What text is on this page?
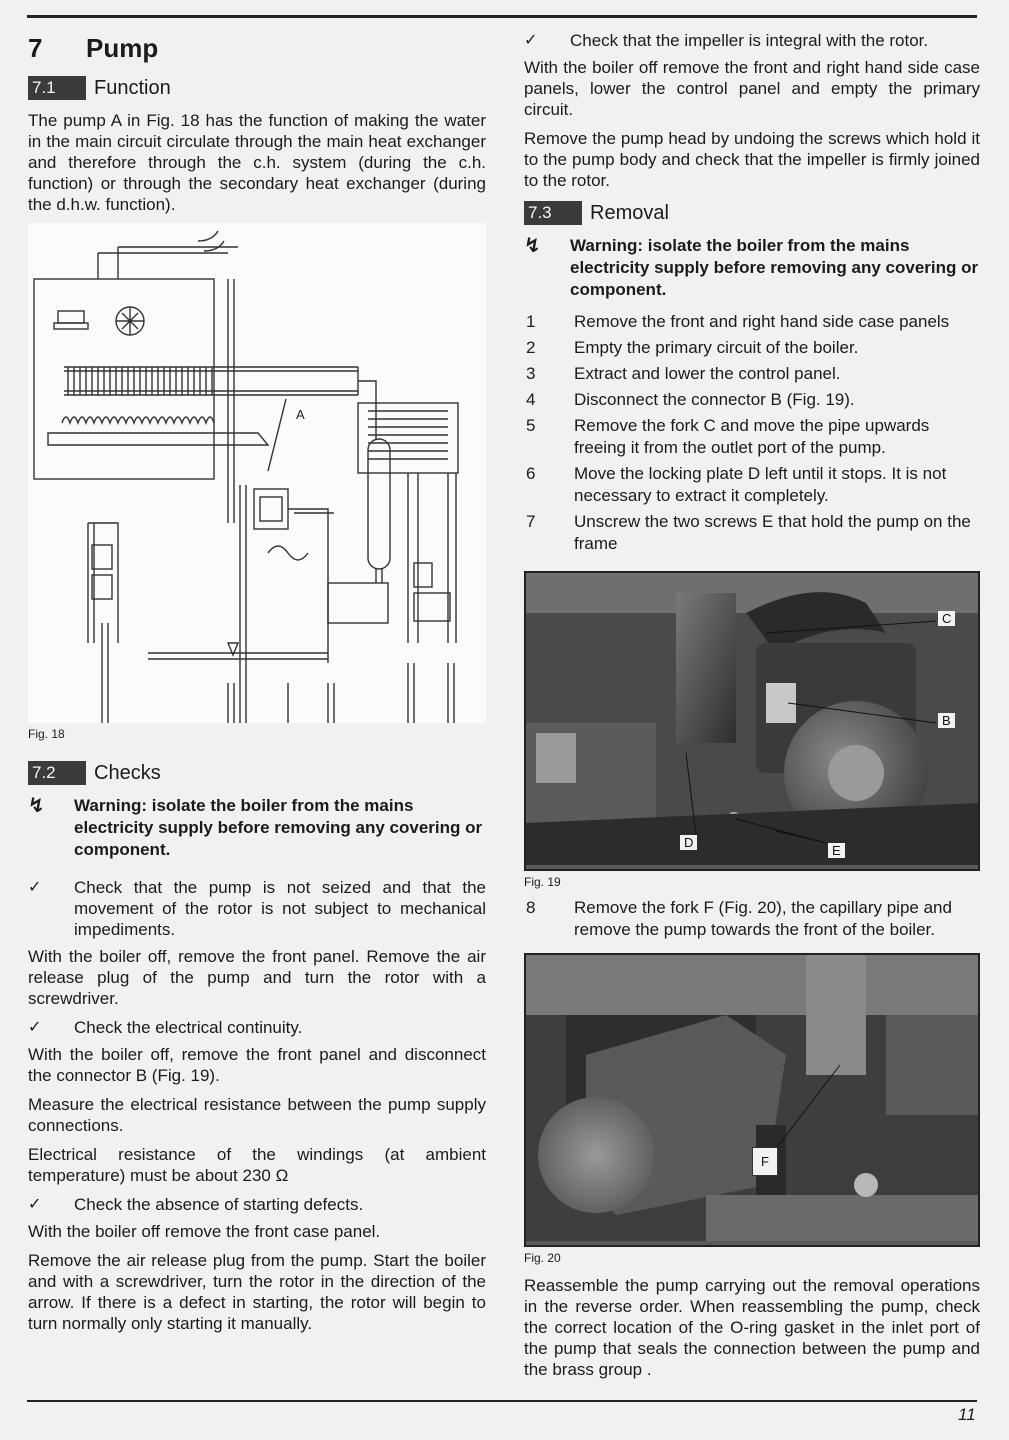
7	Pump
7.1	Function

The pump A in Fig. 18 has the function of making the water in the main circuit circulate through the main heat exchanger and therefore through the c.h. system (during the c.h. function) or through the secondary heat exchanger (during the d.h.w. function).

A
Fig. 18
7.2	Checks
↯	Warning: isolate the boiler from the mains electricity supply before removing any covering or component.
✓	Check that the pump is not seized and that the movement of the rotor is not subject to mechanical impediments.

With the boiler off, remove the front panel. Remove the air release plug of the pump and turn the rotor with a screwdriver.

✓	Check the electrical continuity.

With the boiler off, remove the front panel and disconnect the connector B (Fig. 19).

Measure the electrical resistance between the pump supply connections.

Electrical resistance of the windings (at ambient temperature) must be about 230 Ω

✓	Check the absence of starting defects.

With the boiler off remove the front case panel.

Remove the air release plug from the pump. Start the boiler and with a screwdriver, turn the rotor in the direction of the arrow. If there is a defect in starting, the rotor will begin to turn normally only starting it manually.

✓	Check that the impeller is integral with the rotor.

With the boiler off remove the front and right hand side case panels, lower the control panel and empty the primary circuit.

Remove the pump head by undoing the screws which hold it to the pump body and check that the impeller is firmly joined to the rotor.

7.3	Removal
↯	Warning: isolate the boiler from the mains electricity supply before removing any covering or component.
1	Remove the front and right hand side case panels
2	Empty the primary circuit of the boiler.
3	Extract and lower the control panel.
4	Disconnect the connector B (Fig. 19).
5	Remove the fork C and move the pipe upwards freeing it from the outlet port of the pump.
6	Move the locking plate D left until it stops. It is not necessary to extract it completely.
7	Unscrew the two screws E that hold the pump on the frame
C
B
D
E
Fig. 19
8	Remove the fork F (Fig. 20), the capillary pipe and remove the pump towards the front of the boiler.
F
Fig. 20

Reassemble the pump carrying out the removal operations in the reverse order. When reassembling the pump, check the correct location of the O-ring gasket in the inlet port of the pump that seals the connection between the pump and the brass group .

11
